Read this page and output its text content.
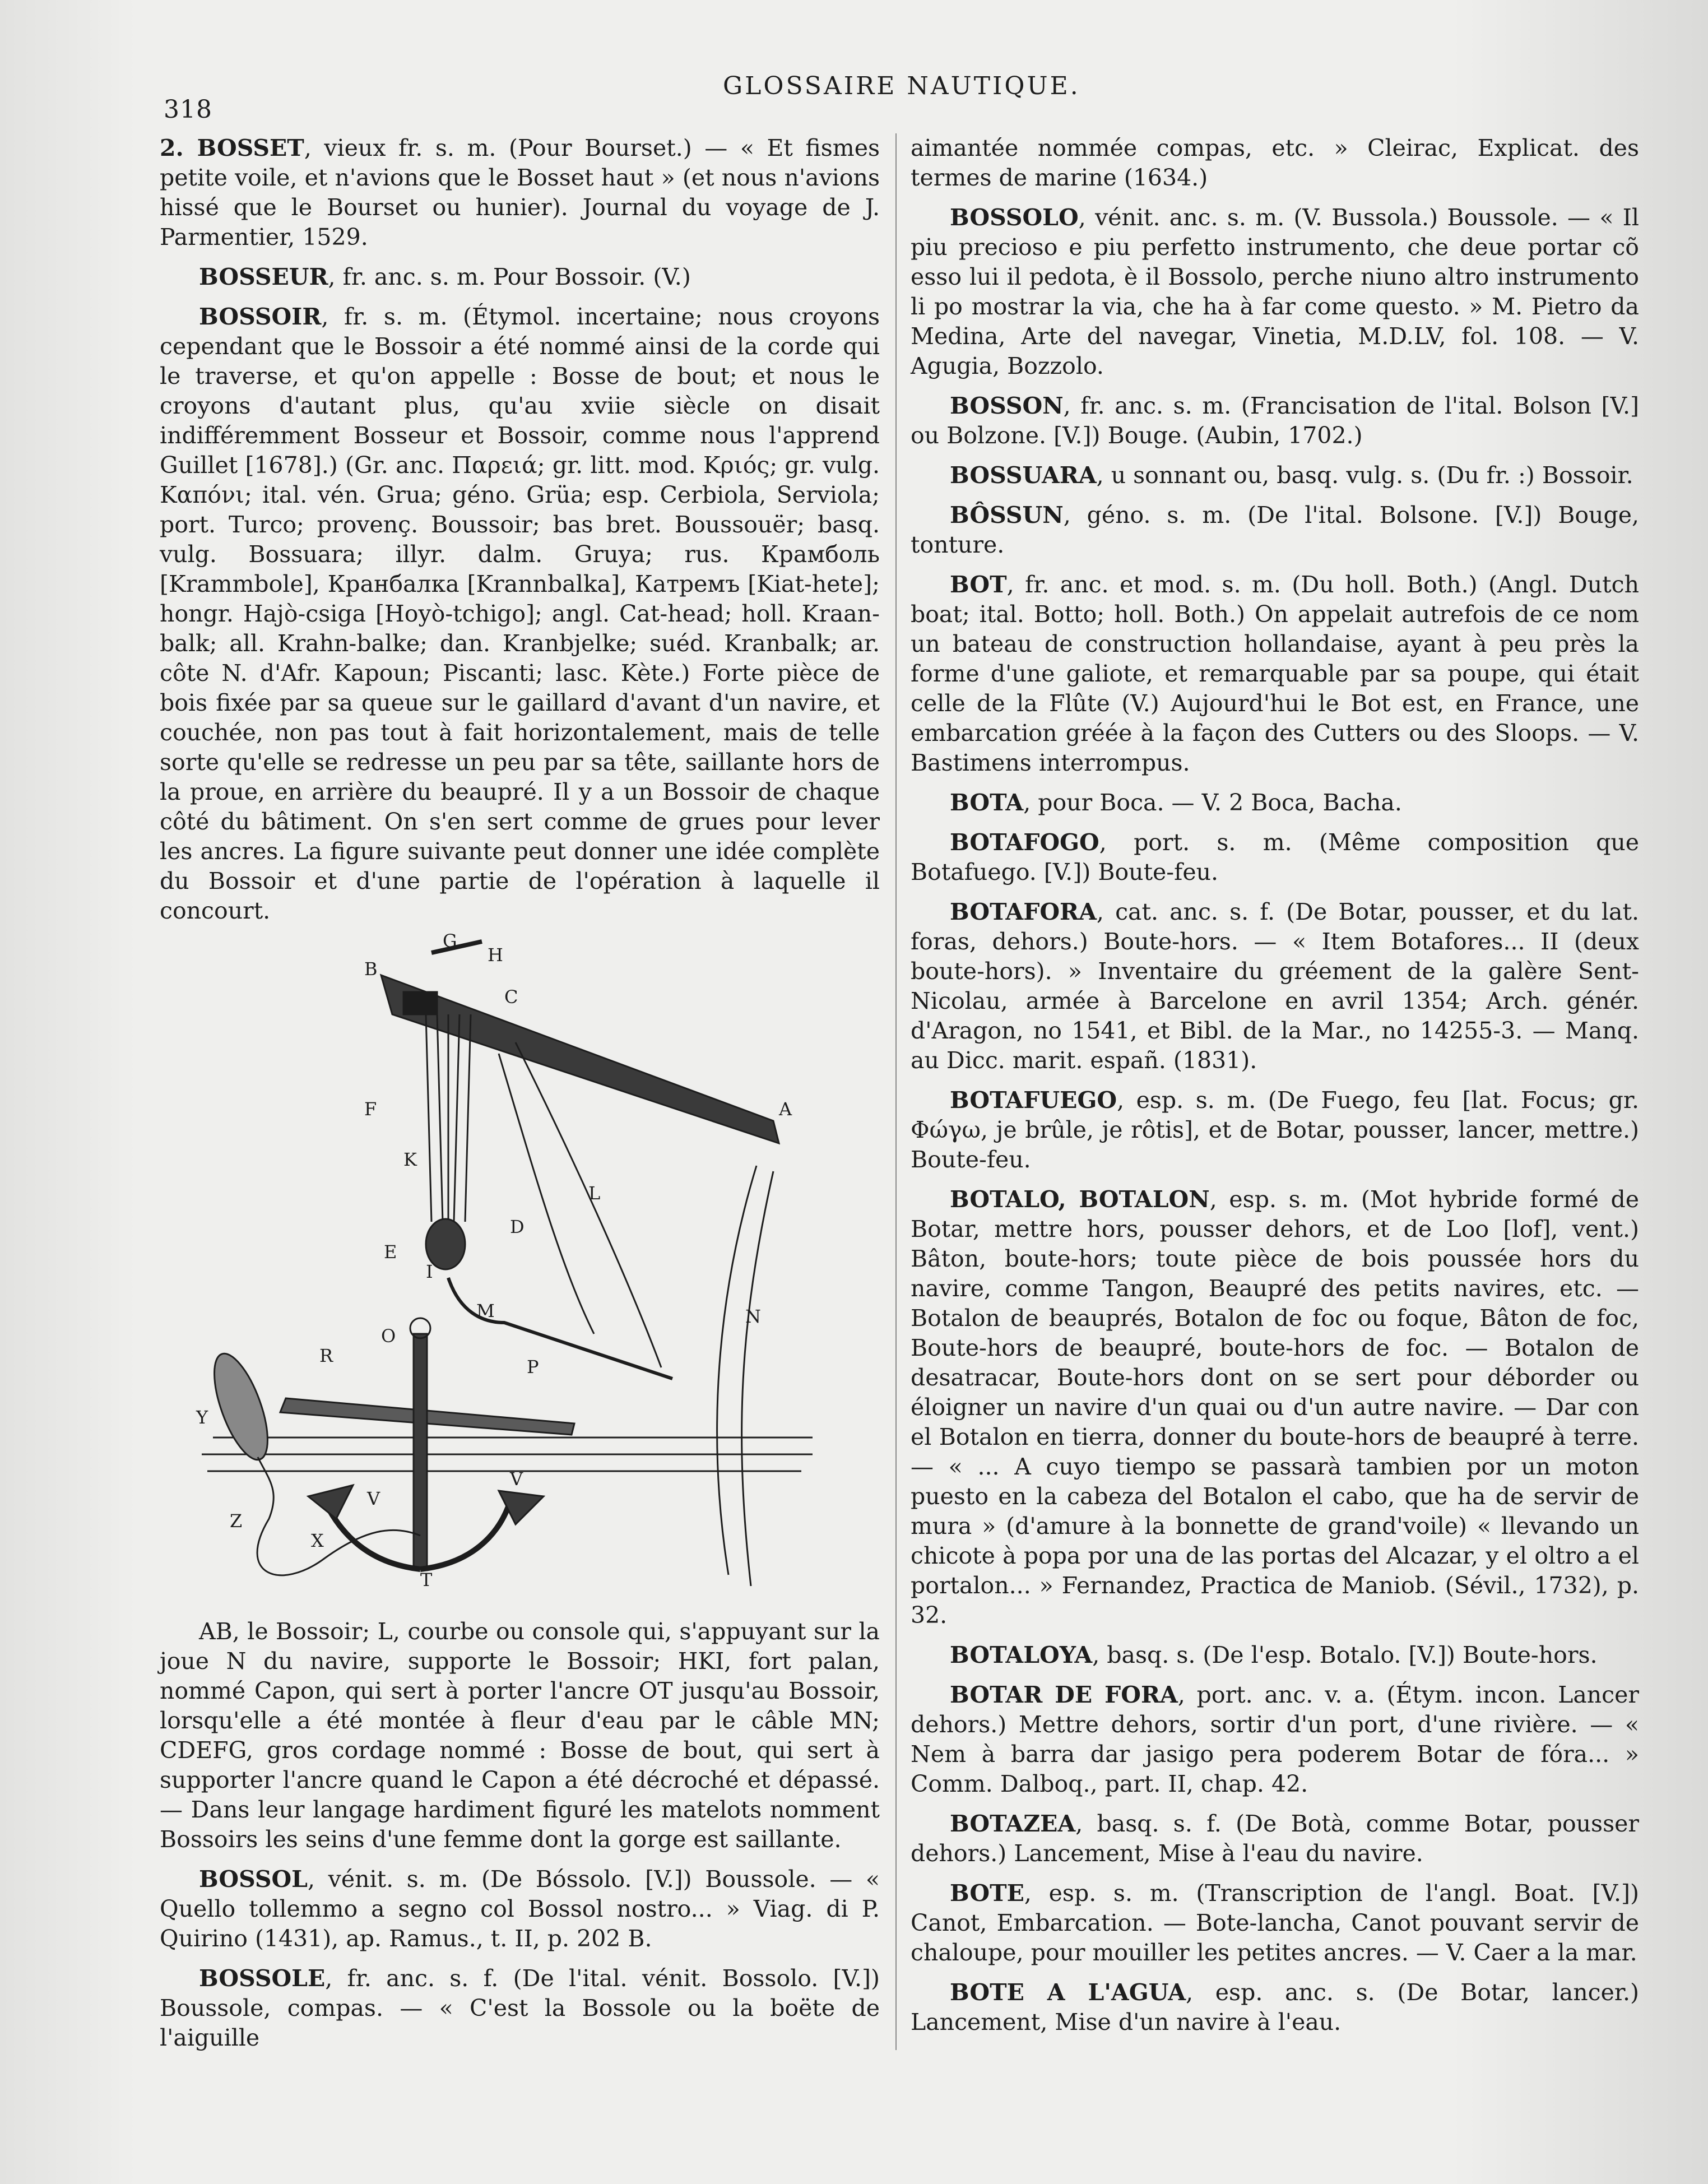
318
GLOSSAIRE NAUTIQUE.

2. BOSSET, vieux fr. s. m. (Pour Bourset.) — « Et fismes petite voile, et n'avions que le Bosset haut » (et nous n'avions hissé que le Bourset ou hunier). Journal du voyage de J. Parmentier, 1529.

BOSSEUR, fr. anc. s. m. Pour Bossoir. (V.)

BOSSOIR, fr. s. m. (Étymol. incertaine; nous croyons cependant que le Bossoir a été nommé ainsi de la corde qui le traverse, et qu'on appelle : Bosse de bout; et nous le croyons d'autant plus, qu'au xviie siècle on disait indifféremment Bosseur et Bossoir, comme nous l'apprend Guillet [1678].) (Gr. anc. Παρειά; gr. litt. mod. Κριός; gr. vulg. Καπόνι; ital. vén. Grua; géno. Grüa; esp. Cerbiola, Serviola; port. Turco; provenç. Boussoir; bas bret. Boussouër; basq. vulg. Bossuara; illyr. dalm. Gruya; rus. Крамболь [Krammbole], Кранбалка [Krannbalka], Катремъ [Kiat-hete]; hongr. Hajò-csiga [Hoyò-tchigo]; angl. Cat-head; holl. Kraan-balk; all. Krahn-balke; dan. Kranbjelke; suéd. Kranbalk; ar. côte N. d'Afr. Kapoun; Piscanti; lasc. Kète.) Forte pièce de bois fixée par sa queue sur le gaillard d'avant d'un navire, et couchée, non pas tout à fait horizontalement, mais de telle sorte qu'elle se redresse un peu par sa tête, saillante hors de la proue, en arrière du beaupré. Il y a un Bossoir de chaque côté du bâtiment. On s'en sert comme de grues pour lever les ancres. La figure suivante peut donner une idée complète du Bossoir et d'une partie de l'opération à laquelle il concourt.

G
H
B
C
A
F
K
L
D
I
E
M
O
N
R
P
Y
V
V
Z
X
T

AB, le Bossoir; L, courbe ou console qui, s'appuyant sur la joue N du navire, supporte le Bossoir; HKI, fort palan, nommé Capon, qui sert à porter l'ancre OT jusqu'au Bossoir, lorsqu'elle a été montée à fleur d'eau par le câble MN; CDEFG, gros cordage nommé : Bosse de bout, qui sert à supporter l'ancre quand le Capon a été décroché et dépassé. — Dans leur langage hardiment figuré les matelots nomment Bossoirs les seins d'une femme dont la gorge est saillante.

BOSSOL, vénit. s. m. (De Bóssolo. [V.]) Boussole. — « Quello tollemmo a segno col Bossol nostro... » Viag. di P. Quirino (1431), ap. Ramus., t. II, p. 202 B.

BOSSOLE, fr. anc. s. f. (De l'ital. vénit. Bossolo. [V.]) Boussole, compas. — « C'est la Bossole ou la boëte de l'aiguille

aimantée nommée compas, etc. » Cleirac, Explicat. des termes de marine (1634.)

BOSSOLO, vénit. anc. s. m. (V. Bussola.) Boussole. — « Il piu precioso e piu perfetto instrumento, che deue portar cõ esso lui il pedota, è il Bossolo, perche niuno altro instrumento li po mostrar la via, che ha à far come questo. » M. Pietro da Medina, Arte del navegar, Vinetia, M.D.LV, fol. 108. — V. Agugia, Bozzolo.

BOSSON, fr. anc. s. m. (Francisation de l'ital. Bolson [V.] ou Bolzone. [V.]) Bouge. (Aubin, 1702.)

BOSSUARA, u sonnant ou, basq. vulg. s. (Du fr. :) Bossoir.

BÔSSUN, géno. s. m. (De l'ital. Bolsone. [V.]) Bouge, tonture.

BOT, fr. anc. et mod. s. m. (Du holl. Both.) (Angl. Dutch boat; ital. Botto; holl. Both.) On appelait autrefois de ce nom un bateau de construction hollandaise, ayant à peu près la forme d'une galiote, et remarquable par sa poupe, qui était celle de la Flûte (V.) Aujourd'hui le Bot est, en France, une embarcation gréée à la façon des Cutters ou des Sloops. — V. Bastimens interrompus.

BOTA, pour Boca. — V. 2 Boca, Bacha.

BOTAFOGO, port. s. m. (Même composition que Botafuego. [V.]) Boute-feu.

BOTAFORA, cat. anc. s. f. (De Botar, pousser, et du lat. foras, dehors.) Boute-hors. — « Item Botafores... II (deux boute-hors). » Inventaire du gréement de la galère Sent-Nicolau, armée à Barcelone en avril 1354; Arch. génér. d'Aragon, no 1541, et Bibl. de la Mar., no 14255-3. — Manq. au Dicc. marit. españ. (1831).

BOTAFUEGO, esp. s. m. (De Fuego, feu [lat. Focus; gr. Φώγω, je brûle, je rôtis], et de Botar, pousser, lancer, mettre.) Boute-feu.

BOTALO, BOTALON, esp. s. m. (Mot hybride formé de Botar, mettre hors, pousser dehors, et de Loo [lof], vent.) Bâton, boute-hors; toute pièce de bois poussée hors du navire, comme Tangon, Beaupré des petits navires, etc. — Botalon de beauprés, Botalon de foc ou foque, Bâton de foc, Boute-hors de beaupré, boute-hors de foc. — Botalon de desatracar, Boute-hors dont on se sert pour déborder ou éloigner un navire d'un quai ou d'un autre navire. — Dar con el Botalon en tierra, donner du boute-hors de beaupré à terre. — « ... A cuyo tiempo se passarà tambien por un moton puesto en la cabeza del Botalon el cabo, que ha de servir de mura » (d'amure à la bonnette de grand'voile) « llevando un chicote à popa por una de las portas del Alcazar, y el oltro a el portalon... » Fernandez, Practica de Maniob. (Sévil., 1732), p. 32.

BOTALOYA, basq. s. (De l'esp. Botalo. [V.]) Boute-hors.

BOTAR DE FORA, port. anc. v. a. (Étym. incon. Lancer dehors.) Mettre dehors, sortir d'un port, d'une rivière. — « Nem à barra dar jasigo pera poderem Botar de fóra... » Comm. Dalboq., part. II, chap. 42.

BOTAZEA, basq. s. f. (De Botà, comme Botar, pousser dehors.) Lancement, Mise à l'eau du navire.

BOTE, esp. s. m. (Transcription de l'angl. Boat. [V.]) Canot, Embarcation. — Bote-lancha, Canot pouvant servir de chaloupe, pour mouiller les petites ancres. — V. Caer a la mar.

BOTE A L'AGUA, esp. anc. s. (De Botar, lancer.) Lancement, Mise d'un navire à l'eau.
